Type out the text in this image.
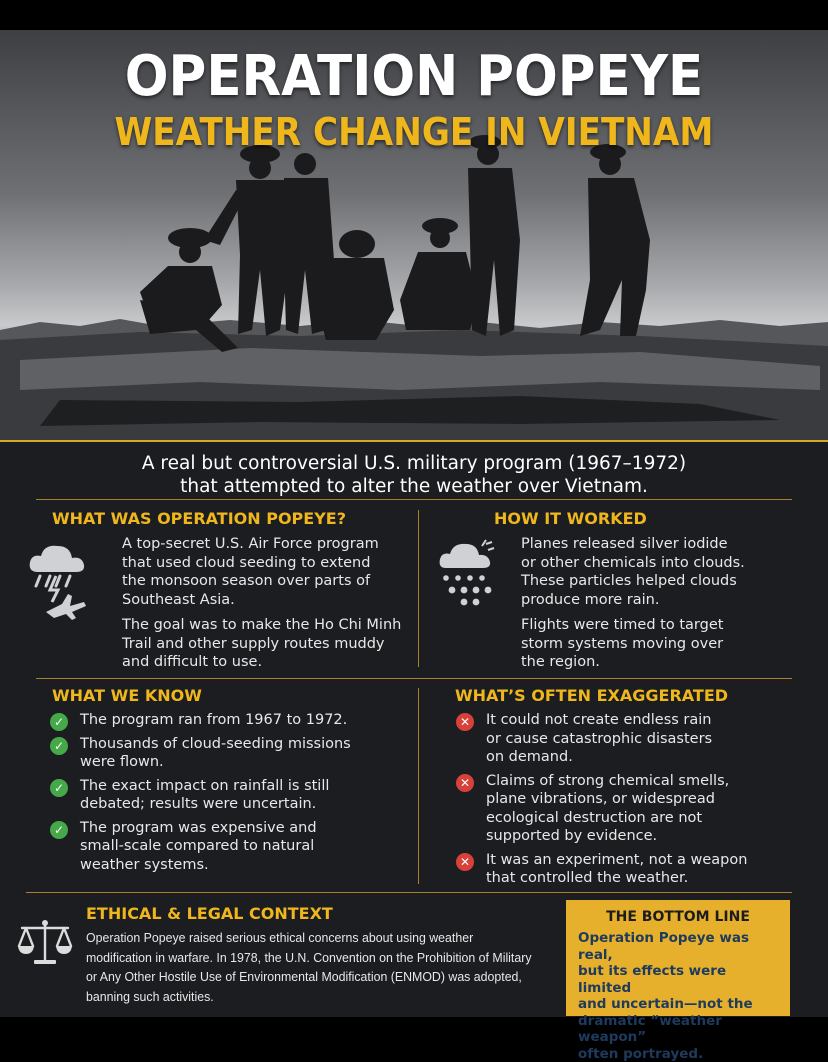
OPERATION POPEYE
WEATHER CHANGE IN VIETNAM
A real but controversial U.S. military program (1967–1972)
that attempted to alter the weather over Vietnam.
WHAT WAS OPERATION POPEYE?
A top-secret U.S. Air Force program
that used cloud seeding to extend
the monsoon season over parts of
Southeast Asia.
The goal was to make the Ho Chi Minh
Trail and other supply routes muddy
and difficult to use.
HOW IT WORKED
Planes released silver iodide
or other chemicals into clouds.
These particles helped clouds
produce more rain.
Flights were timed to target
storm systems moving over
the region.
WHAT WE KNOW
✓ The program ran from 1967 to 1972.
✓ Thousands of cloud-seeding missions
were flown.
✓ The exact impact on rainfall is still
debated; results were uncertain.
✓ The program was expensive and
small-scale compared to natural
weather systems.
WHAT’S OFTEN EXAGGERATED
✕ It could not create endless rain
or cause catastrophic disasters
on demand.
✕ Claims of strong chemical smells,
plane vibrations, or widespread
ecological destruction are not
supported by evidence.
✕ It was an experiment, not a weapon
that controlled the weather.
ETHICAL & LEGAL CONTEXT
Operation Popeye raised serious ethical concerns about using weather
modification in warfare. In 1978, the U.N. Convention on the Prohibition of Military
or Any Other Hostile Use of Environmental Modification (ENMOD) was adopted,
banning such activities.
THE BOTTOM LINE
Operation Popeye was real,
but its effects were limited
and uncertain—not the
dramatic “weather weapon”
often portrayed.
